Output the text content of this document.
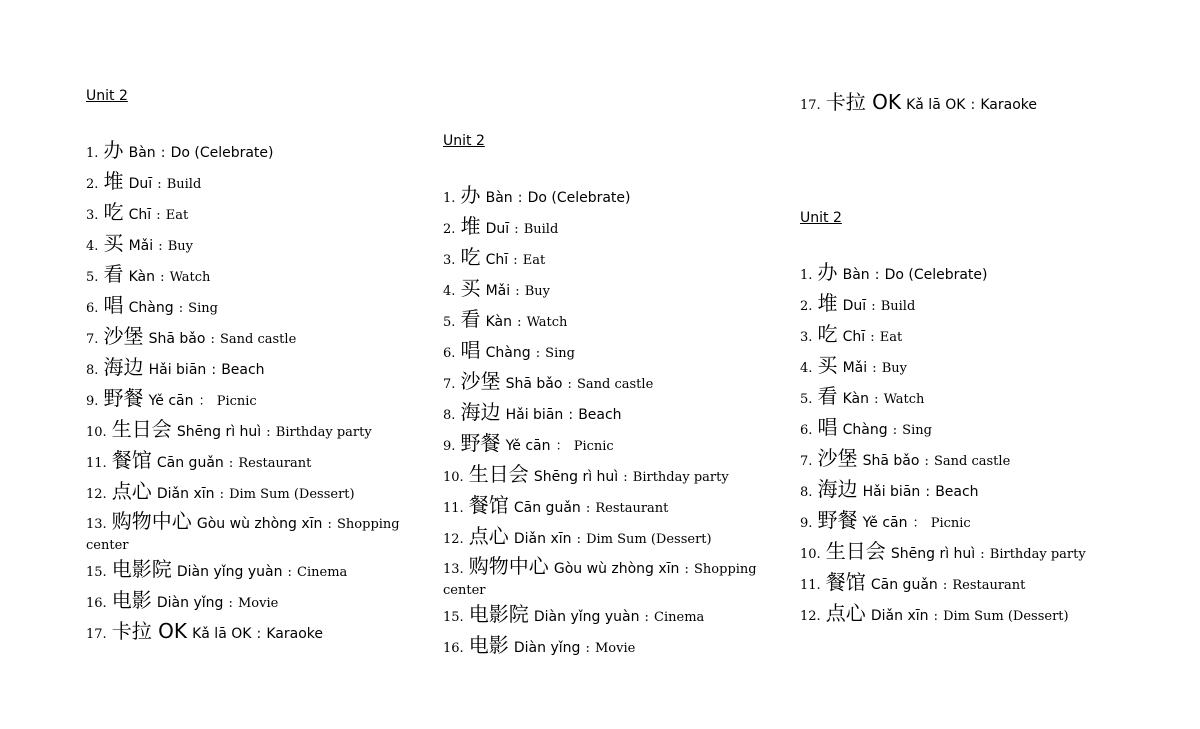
Unit 2
1. 办 Bàn : Do (Celebrate)
2. 堆 Duī : Build
3. 吃 Chī : Eat
4. 买 Mǎi : Buy
5. 看 Kàn : Watch
6. 唱 Chàng : Sing
7. 沙堡 Shā bǎo : Sand castle
8. 海边 Hǎi biān : Beach
9. 野餐 Yě cān ： Picnic
10. 生日会 Shēng rì huì : Birthday party
11. 餐馆 Cān guǎn : Restaurant
12. 点心 Diǎn xīn : Dim Sum (Dessert)
13. 购物中心 Gòu wù zhòng xīn : Shopping center
15. 电影院 Diàn yǐng yuàn : Cinema
16. 电影 Diàn yǐng : Movie
17. 卡拉 OK Kǎ lā OK : Karaoke
Unit 2
1. 办 Bàn : Do (Celebrate)
2. 堆 Duī : Build
3. 吃 Chī : Eat
4. 买 Mǎi : Buy
5. 看 Kàn : Watch
6. 唱 Chàng : Sing
7. 沙堡 Shā bǎo : Sand castle
8. 海边 Hǎi biān : Beach
9. 野餐 Yě cān ： Picnic
10. 生日会 Shēng rì huì : Birthday party
11. 餐馆 Cān guǎn : Restaurant
12. 点心 Diǎn xīn : Dim Sum (Dessert)
13. 购物中心 Gòu wù zhòng xīn : Shopping center
15. 电影院 Diàn yǐng yuàn : Cinema
16. 电影 Diàn yǐng : Movie
17. 卡拉 OK Kǎ lā OK : Karaoke
Unit 2
1. 办 Bàn : Do (Celebrate)
2. 堆 Duī : Build
3. 吃 Chī : Eat
4. 买 Mǎi : Buy
5. 看 Kàn : Watch
6. 唱 Chàng : Sing
7. 沙堡 Shā bǎo : Sand castle
8. 海边 Hǎi biān : Beach
9. 野餐 Yě cān ： Picnic
10. 生日会 Shēng rì huì : Birthday party
11. 餐馆 Cān guǎn : Restaurant
12. 点心 Diǎn xīn : Dim Sum (Dessert)
